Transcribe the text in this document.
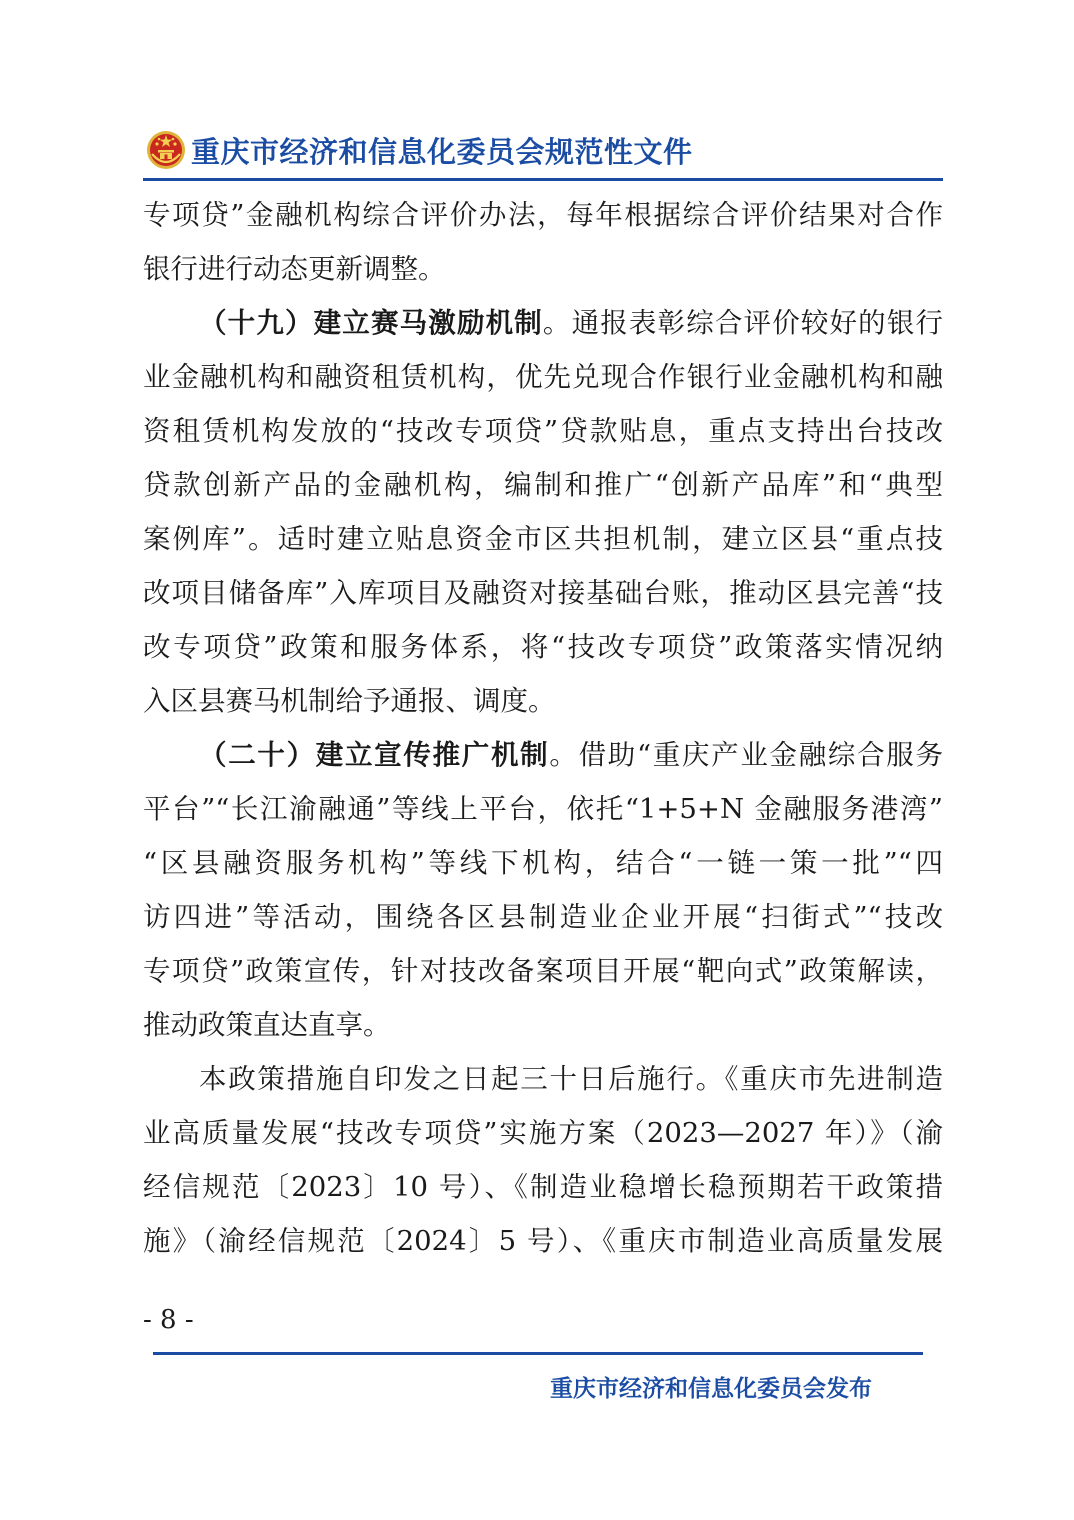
重庆市经济和信息化委员会规范性文件
专项贷”金融机构综合评价办法，每年根据综合评价结果对合作
银行进行动态更新调整。
（十九）建立赛马激励机制。通报表彰综合评价较好的银行
业金融机构和融资租赁机构，优先兑现合作银行业金融机构和融
资租赁机构发放的“技改专项贷”贷款贴息，重点支持出台技改
贷款创新产品的金融机构，编制和推广“创新产品库”和“典型
案例库”。适时建立贴息资金市区共担机制，建立区县“重点技
改项目储备库”入库项目及融资对接基础台账，推动区县完善“技
改专项贷”政策和服务体系，将“技改专项贷”政策落实情况纳
入区县赛马机制给予通报、调度。
（二十）建立宣传推广机制。借助“重庆产业金融综合服务
平台”“长江渝融通”等线上平台，依托“1+5+N 金融服务港湾”
“区县融资服务机构”等线下机构，结合“一链一策一批”“四
访四进”等活动，围绕各区县制造业企业开展“扫街式”“技改
专项贷”政策宣传，针对技改备案项目开展“靶向式”政策解读，
推动政策直达直享。
本政策措施自印发之日起三十日后施行。《重庆市先进制造
业高质量发展“技改专项贷”实施方案（2023—2027 年）》（渝
经信规范〔2023〕10 号）、《制造业稳增长稳预期若干政策措
施》（渝经信规范〔2024〕5 号）、《重庆市制造业高质量发展
- 8 -
重庆市经济和信息化委员会发布
